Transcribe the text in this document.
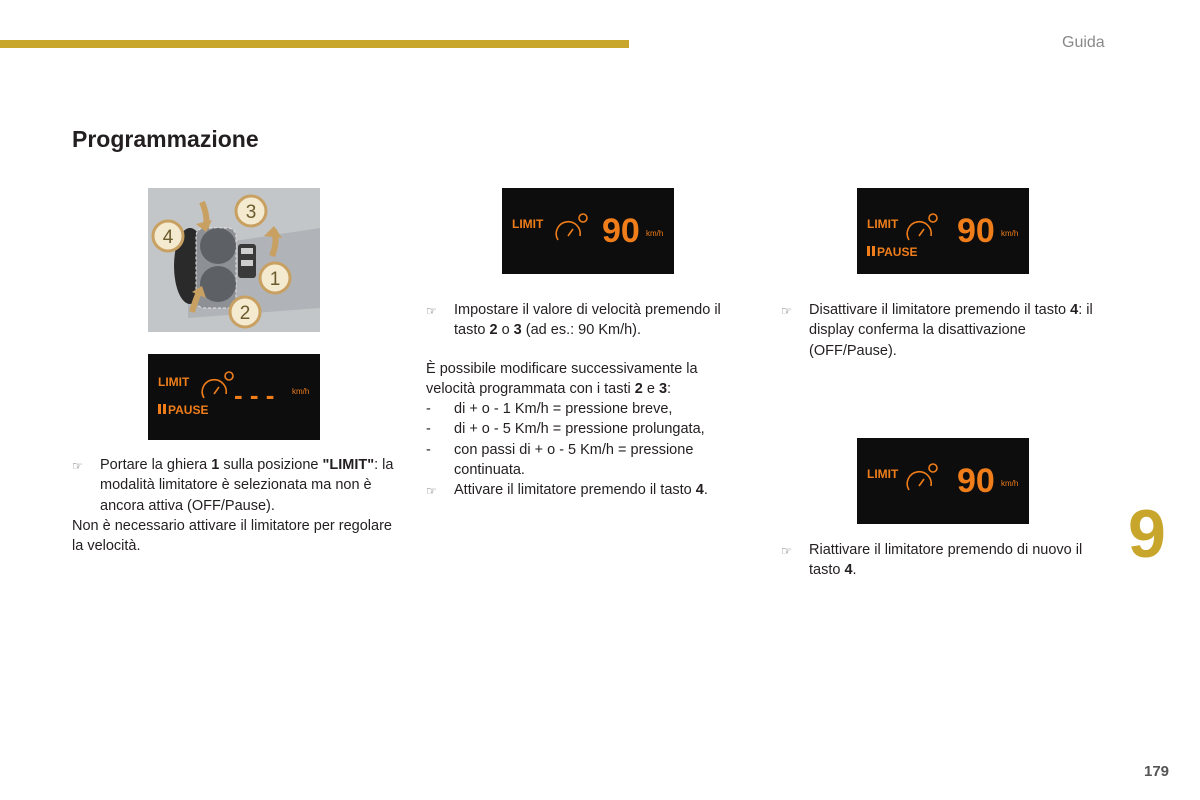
Guida
Programmazione
3
4
1
2
LIMIT
PAUSE - - - km/h
LIMIT 90 km/h
LIMIT
PAUSE
90 km/h
LIMIT 90 km/h
☞	Portare la ghiera 1 sulla posizione "LIMIT": la modalità limitatore è selezionata ma non è ancora attiva (OFF/Pause).

Non è necessario attivare il limitatore per regolare la velocità.

☞	Impostare il valore di velocità premendo il tasto 2 o 3 (ad es.: 90 Km/h).

È possibile modificare successivamente la velocità programmata con i tasti 2 e 3:

-	di + o - 1 Km/h = pressione breve,
-	di + o - 5 Km/h = pressione prolungata,
-	con passi di + o - 5 Km/h = pressione continuata.
☞	Attivare il limitatore premendo il tasto 4.
☞	Disattivare il limitatore premendo il tasto 4: il display conferma la disattivazione (OFF/Pause).
☞	Riattivare il limitatore premendo di nuovo il tasto 4.	9
179
